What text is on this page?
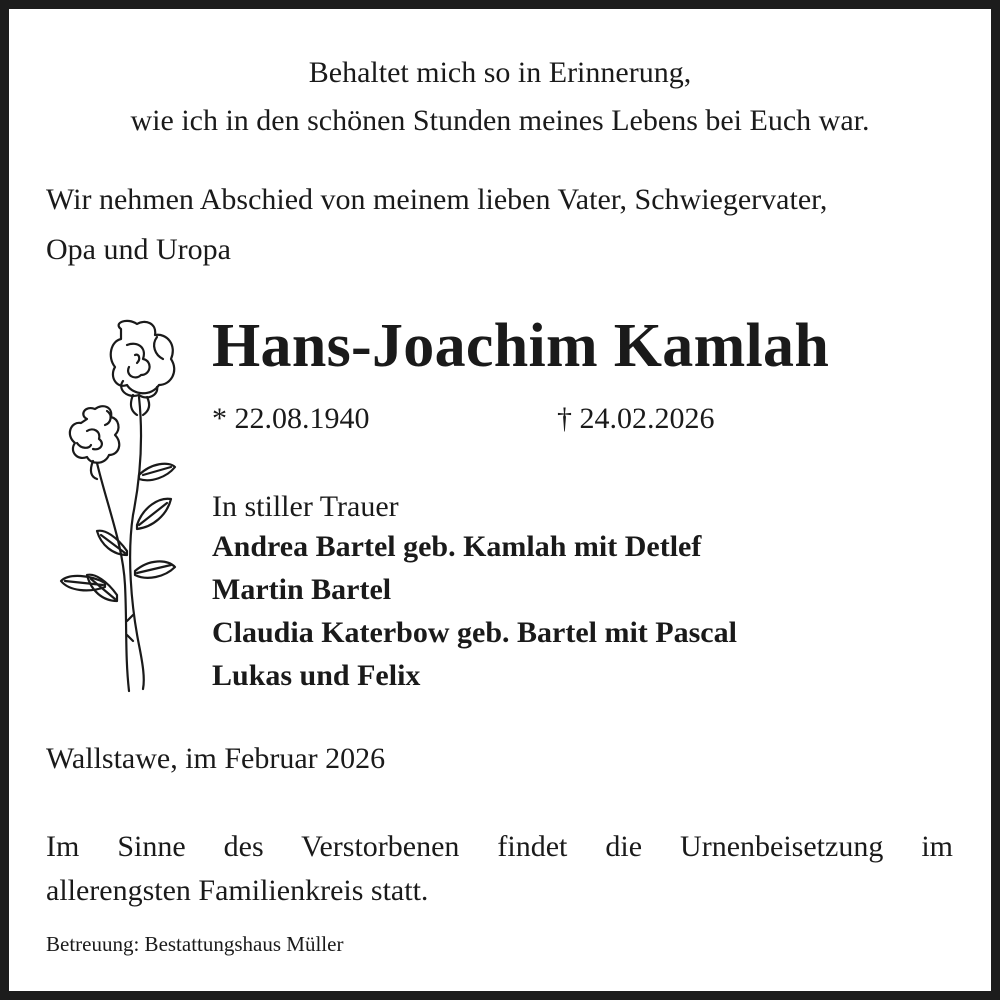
Behaltet mich so in Erinnerung,
wie ich in den schönen Stunden meines Lebens bei Euch war.

Wir nehmen Abschied von meinem lieben Vater, Schwiegervater,
Opa und Uropa

Hans-Joachim Kamlah
* 22.08.1940	† 24.02.2026

In stiller Trauer

Andrea Bartel geb. Kamlah mit Detlef
Martin Bartel
Claudia Katerbow geb. Bartel mit Pascal
Lukas und Felix

Wallstawe, im Februar 2026

Im Sinne des Verstorbenen findet die Urnenbeisetzung im
allerengsten Familienkreis statt.

Betreuung: Bestattungshaus Müller
